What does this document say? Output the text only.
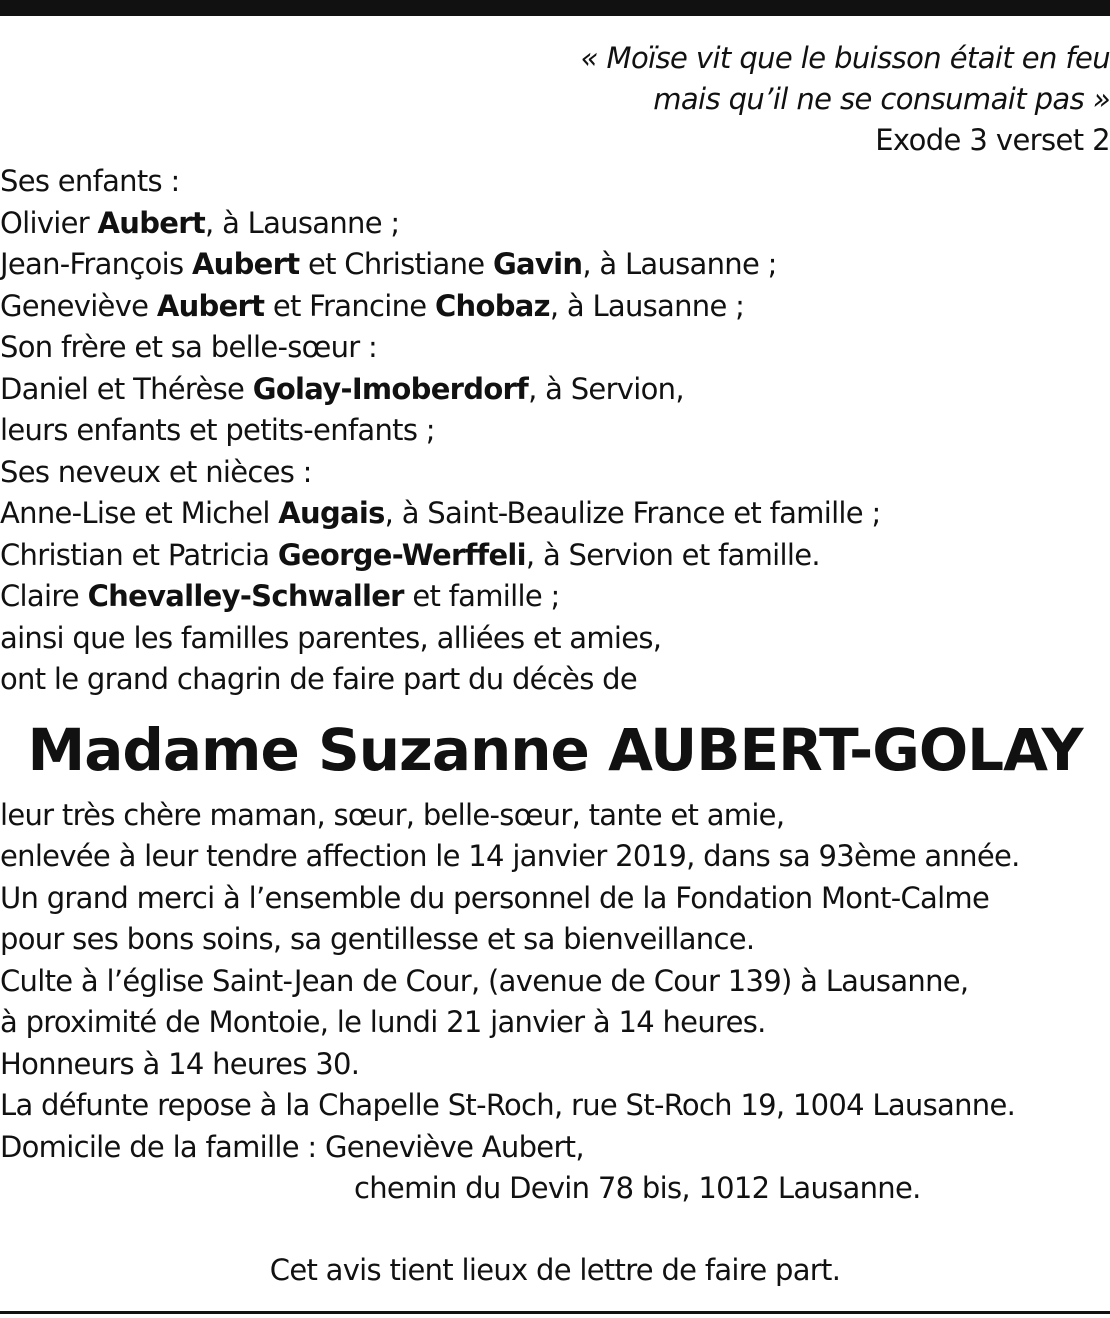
« Moïse vit que le buisson était en feu
mais qu’il ne se consumait pas »
Exode 3 verset 2
Ses enfants :
Olivier Aubert, à Lausanne ;
Jean-François Aubert et Christiane Gavin, à Lausanne ;
Geneviève Aubert et Francine Chobaz, à Lausanne ;
Son frère et sa belle-sœur :
Daniel et Thérèse Golay-Imoberdorf, à Servion,
leurs enfants et petits-enfants ;
Ses neveux et nièces :
Anne-Lise et Michel Augais, à Saint-Beaulize France et famille ;
Christian et Patricia George-Werffeli, à Servion et famille.
Claire Chevalley-Schwaller et famille ;
ainsi que les familles parentes, alliées et amies,
ont le grand chagrin de faire part du décès de
Madame Suzanne AUBERT-GOLAY
leur très chère maman, sœur, belle-sœur, tante et amie,
enlevée à leur tendre affection le 14 janvier 2019, dans sa 93ème année.
Un grand merci à l’ensemble du personnel de la Fondation Mont-Calme
pour ses bons soins, sa gentillesse et sa bienveillance.
Culte à l’église Saint-Jean de Cour, (avenue de Cour 139) à Lausanne,
à proximité de Montoie, le lundi 21 janvier à 14 heures.
Honneurs à 14 heures 30.
La défunte repose à la Chapelle St-Roch, rue St-Roch 19, 1004 Lausanne.
Domicile de la famille : Geneviève Aubert,
chemin du Devin 78 bis, 1012 Lausanne.
Cet avis tient lieux de lettre de faire part.
